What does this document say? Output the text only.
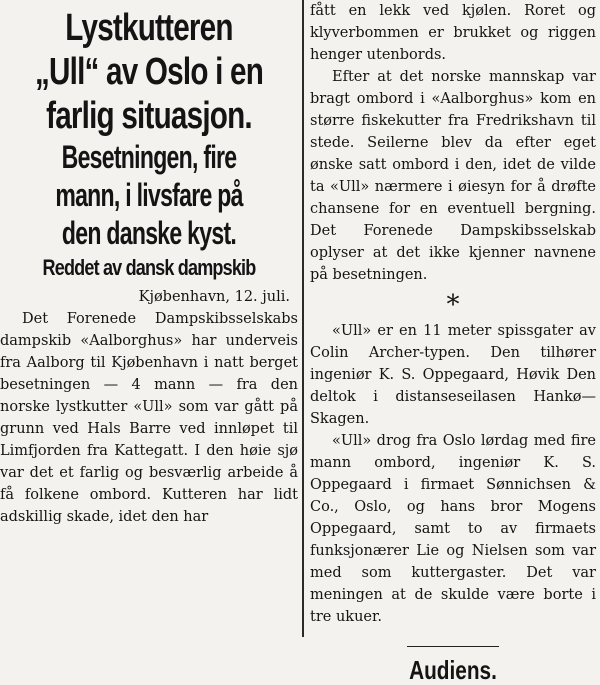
Lystkutteren „Ull“ av Oslo i en farlig situasjon.
Besetningen, fire mann, i livsfare på den danske kyst.
Reddet av dansk dampskib
Kjøbenhavn, 12. juli.

Det Forenede Dampskibsselskabs dampskib «Aalborghus» har underveis fra Aalborg til Kjøbenhavn i natt berget besetningen — 4 mann — fra den norske lystkutter «Ull» som var gått på grunn ved Hals Barre ved innløpet til Limfjorden fra Kattegatt. I den høie sjø var det et farlig og besværlig arbeide å få folkene ombord. Kutteren har lidt adskillig skade, idet den har

fått en lekk ved kjølen. Roret og klyverbommen er brukket og riggen henger utenbords.

Efter at det norske mannskap var bragt ombord i «Aalborghus» kom en større fiskekutter fra Fredrikshavn til stede. Seilerne blev da efter eget ønske satt ombord i den, idet de vilde ta «Ull» nærmere i øiesyn for å drøfte chansene for en eventuell bergning. Det Forenede Dampskibsselskab oplyser at det ikke kjenner navnene på besetningen.

*

«Ull» er en 11 meter spissgater av Colin Archer-typen. Den tilhører ingeniør K. S. Oppegaard, Høvik Den deltok i distanseseilasen Hankø—Skagen.

«Ull» drog fra Oslo lørdag med fire mann ombord, ingeniør K. S. Oppegaard i firmaet Sønnichsen & Co., Oslo, og hans bror Mogens Oppegaard, samt to av firmaets funksjonærer Lie og Nielsen som var med som kuttergaster. Det var meningen at de skulde være borte i tre ukuer.

Audiens.
